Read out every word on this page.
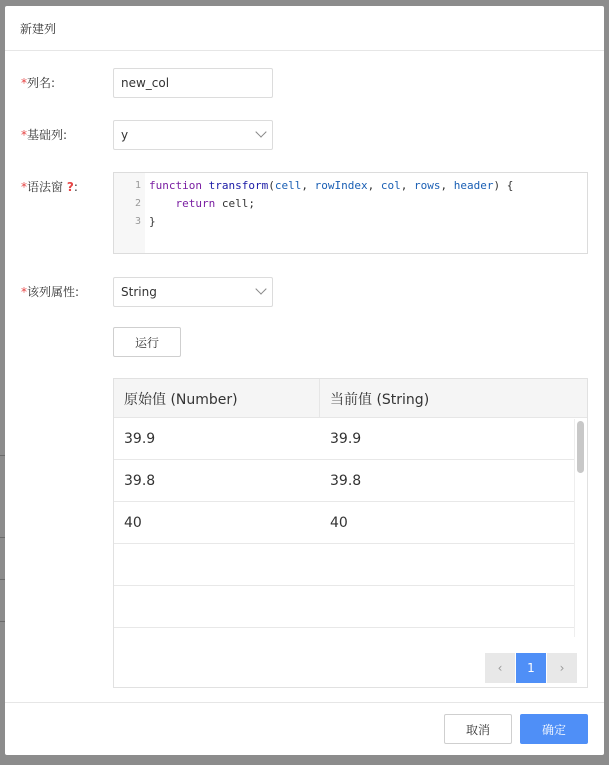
新建列
*列名:	new_col
*基础列:	y
*语法窗 ?:	1
2
3
function transform(cell, rowIndex, col, rows, header) {
return cell;
}
*该列属性:	String
运行
原始值 (Number)	当前值 (String)
39.9	39.9
39.8	39.8
40	40
‹ 1 ›
取消	确定
